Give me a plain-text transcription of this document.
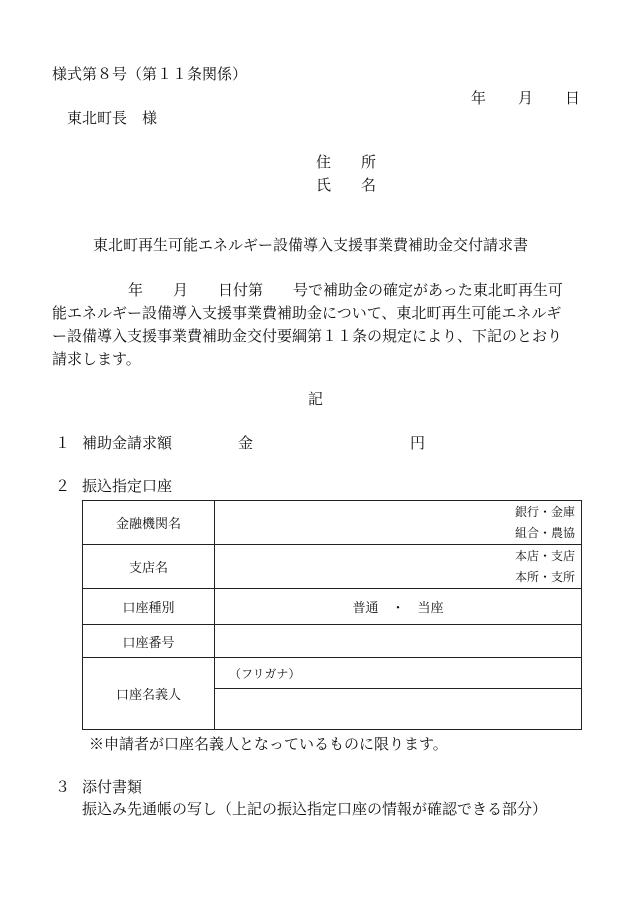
様式第８号（第１１条関係）
年 月 日
東北町長　様
住　　所
氏　　名
東北町再生可能エネルギー設備導入支援事業費補助金交付請求書
年　　月　　日付第　　号で補助金の確定があった東北町再生可
能エネルギー設備導入支援事業費補助金について、東北町再生可能エネルギ
ー設備導入支援事業費補助金交付要綱第１１条の規定により、下記のとおり
請求します。
記
１ 補助金請求額	金	円
２ 振込指定口座
金融機関名	銀行・金庫
組合・農協

支店名	本店・支店
本所・支所

口座種別	普通　・　当座
口座番号	
口座名義人	（フリガナ）

※申請者が口座名義人となっているものに限ります。
３ 添付書類
振込み先通帳の写し（上記の振込指定口座の情報が確認できる部分）
